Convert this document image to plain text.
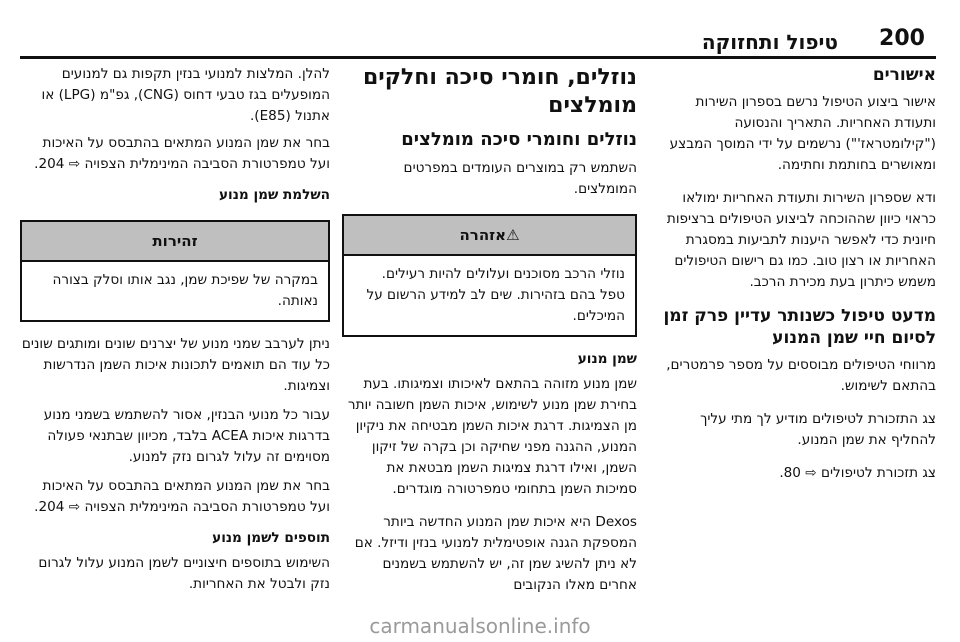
200
טיפול ותחזוקה
אישורים

אישור ביצוע הטיפול נרשם בספרון השירות ותעודת האחריות. התאריך והנסועה ("קילומטראז'") נרשמים על ידי המוסך המבצע ומאושרים בחותמת וחתימה.

ודא שספרון השירות ותעודת האחריות ימולאו כראוי כיוון שההוכחה לביצוע הטיפולים ברציפות חיונית כדי לאפשר היענות לתביעות במסגרת האחריות או רצון טוב. כמו גם רישום הטיפולים משמש כיתרון בעת מכירת הרכב.

מדעט טיפול כשנותר עדיין פרק זמן לסיום חיי שמן המנוע

מרווחי הטיפולים מבוססים על מספר פרמטרים, בהתאם לשימוש.

צג התזכורת לטיפולים מודיע לך מתי עליך להחליף את שמן המנוע.

צג תזכורת לטיפולים ⇨ 80.

נוזלים, חומרי סיכה וחלקים מומלצים
נוזלים וחומרי סיכה מומלצים

השתמש רק במוצרים העומדים במפרטים המומלצים.

⚠אזהרה

נוזלי הרכב מסוכנים ועלולים להיות רעילים. טפל בהם בזהירות. שים לב למידע הרשום על המיכלים.

שמן מנוע

שמן מנוע מזוהה בהתאם לאיכותו וצמיגותו. בעת בחירת שמן מנוע לשימוש, איכות השמן חשובה יותר מן הצמיגות. דרגת איכות השמן מבטיחה את ניקיון המנוע, ההגנה מפני שחיקה וכן בקרה של זיקון השמן, ואילו דרגת צמיגות השמן מבטאת את סמיכות השמן בתחומי טמפרטורה מוגדרים.

Dexos היא איכות שמן המנוע החדשה ביותר המספקת הגנה אופטימלית למנועי בנזין ודיזל. אם לא ניתן להשיג שמן זה, יש להשתמש בשמנים אחרים מאלו הנקובים

להלן. המלצות למנועי בנזין תקפות גם למנועים המופעלים בגז טבעי דחוס (CNG), גפ"מ (LPG) או אתנול (E85).

בחר את שמן המנוע המתאים בהתבסס על האיכות ועל טמפרטורת הסביבה המינימלית הצפויה ⇨ 204.

השלמת שמן מנוע
זהירות

במקרה של שפיכת שמן, נגב אותו וסלק בצורה נאותה.

ניתן לערבב שמני מנוע של יצרנים שונים ומותגים שונים כל עוד הם תואמים לתכונות איכות השמן הנדרשות וצמיגות.

עבור כל מנועי הבנזין, אסור להשתמש בשמני מנוע בדרגות איכות ACEA בלבד, מכיוון שבתנאי פעולה מסוימים זה עלול לגרום נזק למנוע.

בחר את שמן המנוע המתאים בהתבסס על האיכות ועל טמפרטורת הסביבה המינימלית הצפויה ⇨ 204.

תוספים לשמן מנוע

השימוש בתוספים חיצוניים לשמן המנוע עלול לגרום נזק ולבטל את האחריות.

carmanualsonline.info
